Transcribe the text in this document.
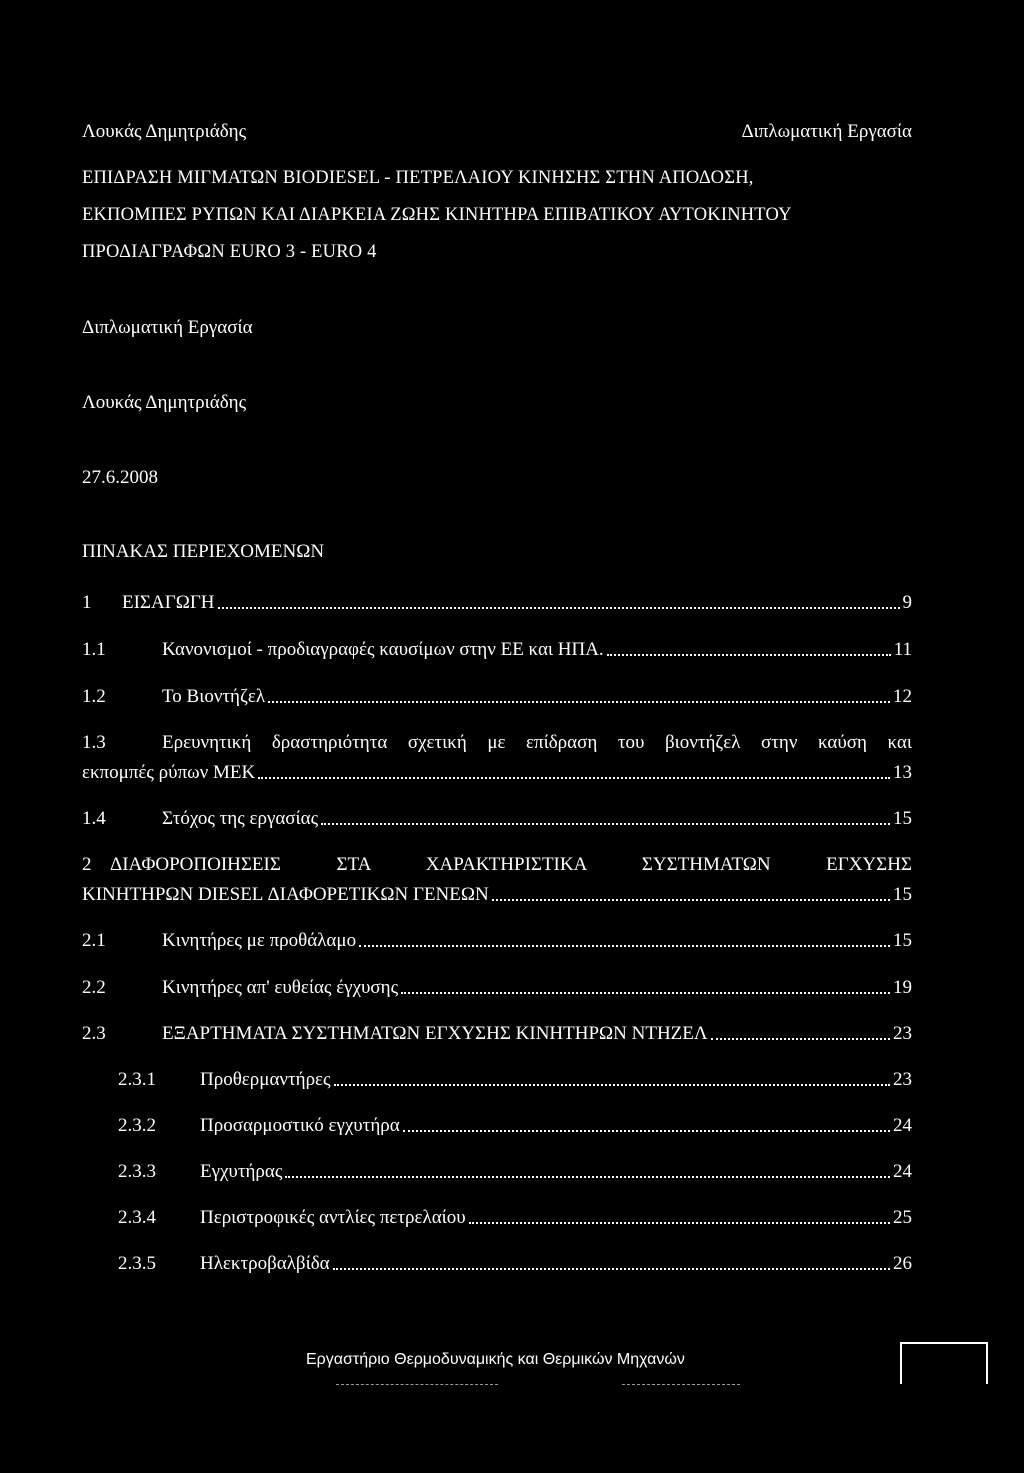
Λουκάς Δημητριάδης	Διπλωματική Εργασία
ΕΠΙΔΡΑΣΗ ΜΙΓΜΑΤΩΝ BIODIESEL - ΠΕΤΡΕΛΑΙΟΥ ΚΙΝΗΣΗΣ ΣΤΗΝ ΑΠΟΔΟΣΗ,
ΕΚΠΟΜΠΕΣ ΡΥΠΩΝ ΚΑΙ ΔΙΑΡΚΕΙΑ ΖΩΗΣ ΚΙΝΗΤΗΡΑ ΕΠΙΒΑΤΙΚΟΥ ΑΥΤΟΚΙΝΗΤΟΥ
ΠΡΟΔΙΑΓΡΑΦΩΝ EURO 3 - EURO 4
Διπλωματική Εργασία
Λουκάς Δημητριάδης
27.6.2008
ΠΙΝΑΚΑΣ ΠΕΡΙΕΧΟΜΕΝΩΝ
1	ΕΙΣΑΓΩΓΗ	9
1.1	Κανονισμοί - προδιαγραφές καυσίμων στην ΕΕ και ΗΠΑ.	11
1.2	Το Βιοντήζελ	12
1.3	Ερευνητική δραστηριότητα σχετική με επίδραση του βιοντήζελ στην καύση και
εκπομπές ρύπων ΜΕΚ	13
1.4	Στόχος της εργασίας	15
2 ΔΙΑΦΟΡΟΠΟΙΗΣΕΙΣ ΣΤΑ ΧΑΡΑΚΤΗΡΙΣΤΙΚΑ ΣΥΣΤΗΜΑΤΩΝ ΕΓΧΥΣΗΣ
ΚΙΝΗΤΗΡΩΝ DIESEL ΔΙΑΦΟΡΕΤΙΚΩΝ ΓΕΝΕΩΝ	15
2.1	Κινητήρες με προθάλαμο	15
2.2	Κινητήρες απ' ευθείας έγχυσης	19
2.3	ΕΞΑΡΤΗΜΑΤΑ ΣΥΣΤΗΜΑΤΩΝ ΕΓΧΥΣΗΣ ΚΙΝΗΤΗΡΩΝ ΝΤΗΖΕΛ	23
2.3.1	Προθερμαντήρες	23
2.3.2	Προσαρμοστικό εγχυτήρα	24
2.3.3	Εγχυτήρας	24
2.3.4	Περιστροφικές αντλίες πετρελαίου	25
2.3.5	Ηλεκτροβαλβίδα	26
Εργαστήριο Θερμοδυναμικής και Θερμικών Μηχανών
